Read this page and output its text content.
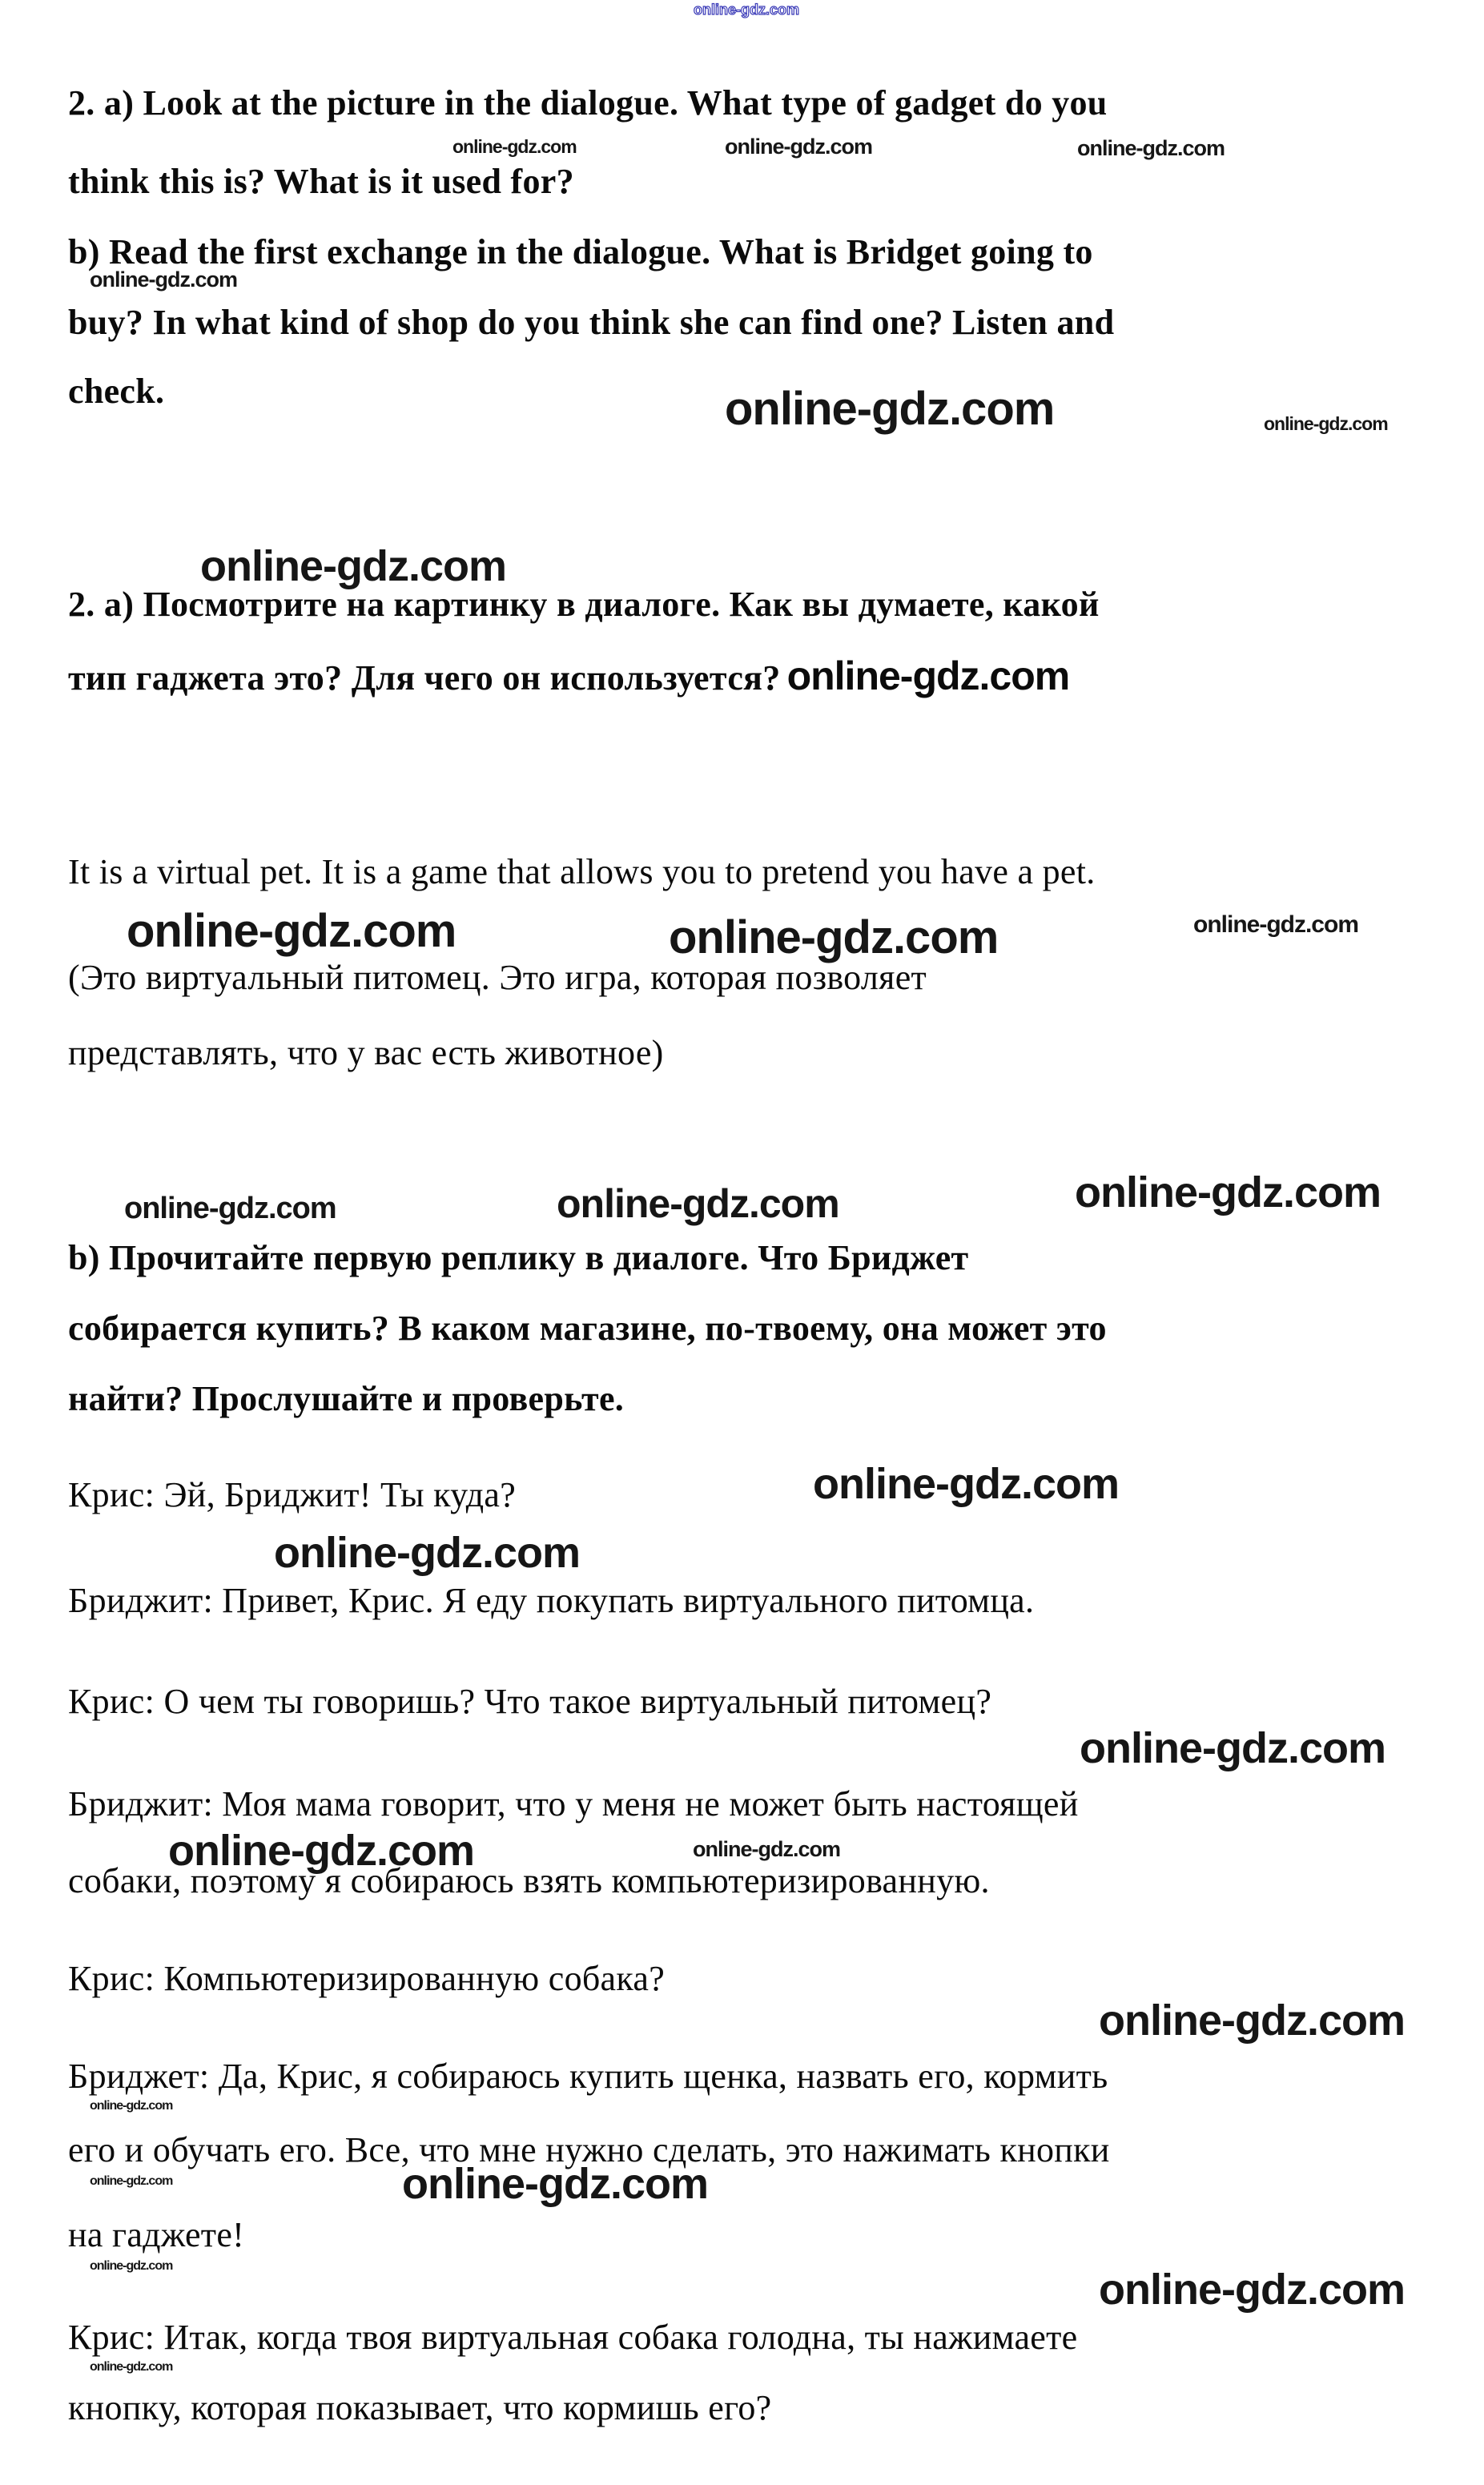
online-gdz.com
2. a) Look at the picture in the dialogue. What type of gadget do you
think this is? What is it used for?
b) Read the first exchange in the dialogue. What is Bridget going to
buy? In what kind of shop do you think she can find one? Listen and
check.
online-gdz.com	online-gdz.com	online-gdz.com
online-gdz.com
online-gdz.com	online-gdz.com
online-gdz.com
2. а) Посмотрите на картинку в диалоге. Как вы думаете, какой
тип гаджета это? Для чего он используется? online-gdz.com
It is a virtual pet. It is a game that allows you to pretend you have a pet.
(Это виртуальный питомец. Это игра, которая позволяет
представлять, что у вас есть животное)
online-gdz.com	online-gdz.com	online-gdz.com
online-gdz.com	online-gdz.com	online-gdz.com
b) Прочитайте первую реплику в диалоге. Что Бриджет
собирается купить? В каком магазине, по-твоему, она может это
найти? Прослушайте и проверьте.
Крис: Эй, Бриджит! Ты куда?	online-gdz.com
online-gdz.com
Бриджит: Привет, Крис. Я еду покупать виртуального питомца.
Крис: О чем ты говоришь? Что такое виртуальный питомец?
online-gdz.com
Бриджит: Моя мама говорит, что у меня не может быть настоящей
online-gdz.com	online-gdz.com
собаки, поэтому я собираюсь взять компьютеризированную.
Крис: Компьютеризированную собака?
online-gdz.com
Бриджет: Да, Крис, я собираюсь купить щенка, назвать его, кормить
online-gdz.com
его и обучать его. Все, что мне нужно сделать, это нажимать кнопки
online-gdz.com	online-gdz.com
на гаджете!
online-gdz.com	online-gdz.com
Крис: Итак, когда твоя виртуальная собака голодна, ты нажимаете
online-gdz.com
кнопку, которая показывает, что кормишь его?
